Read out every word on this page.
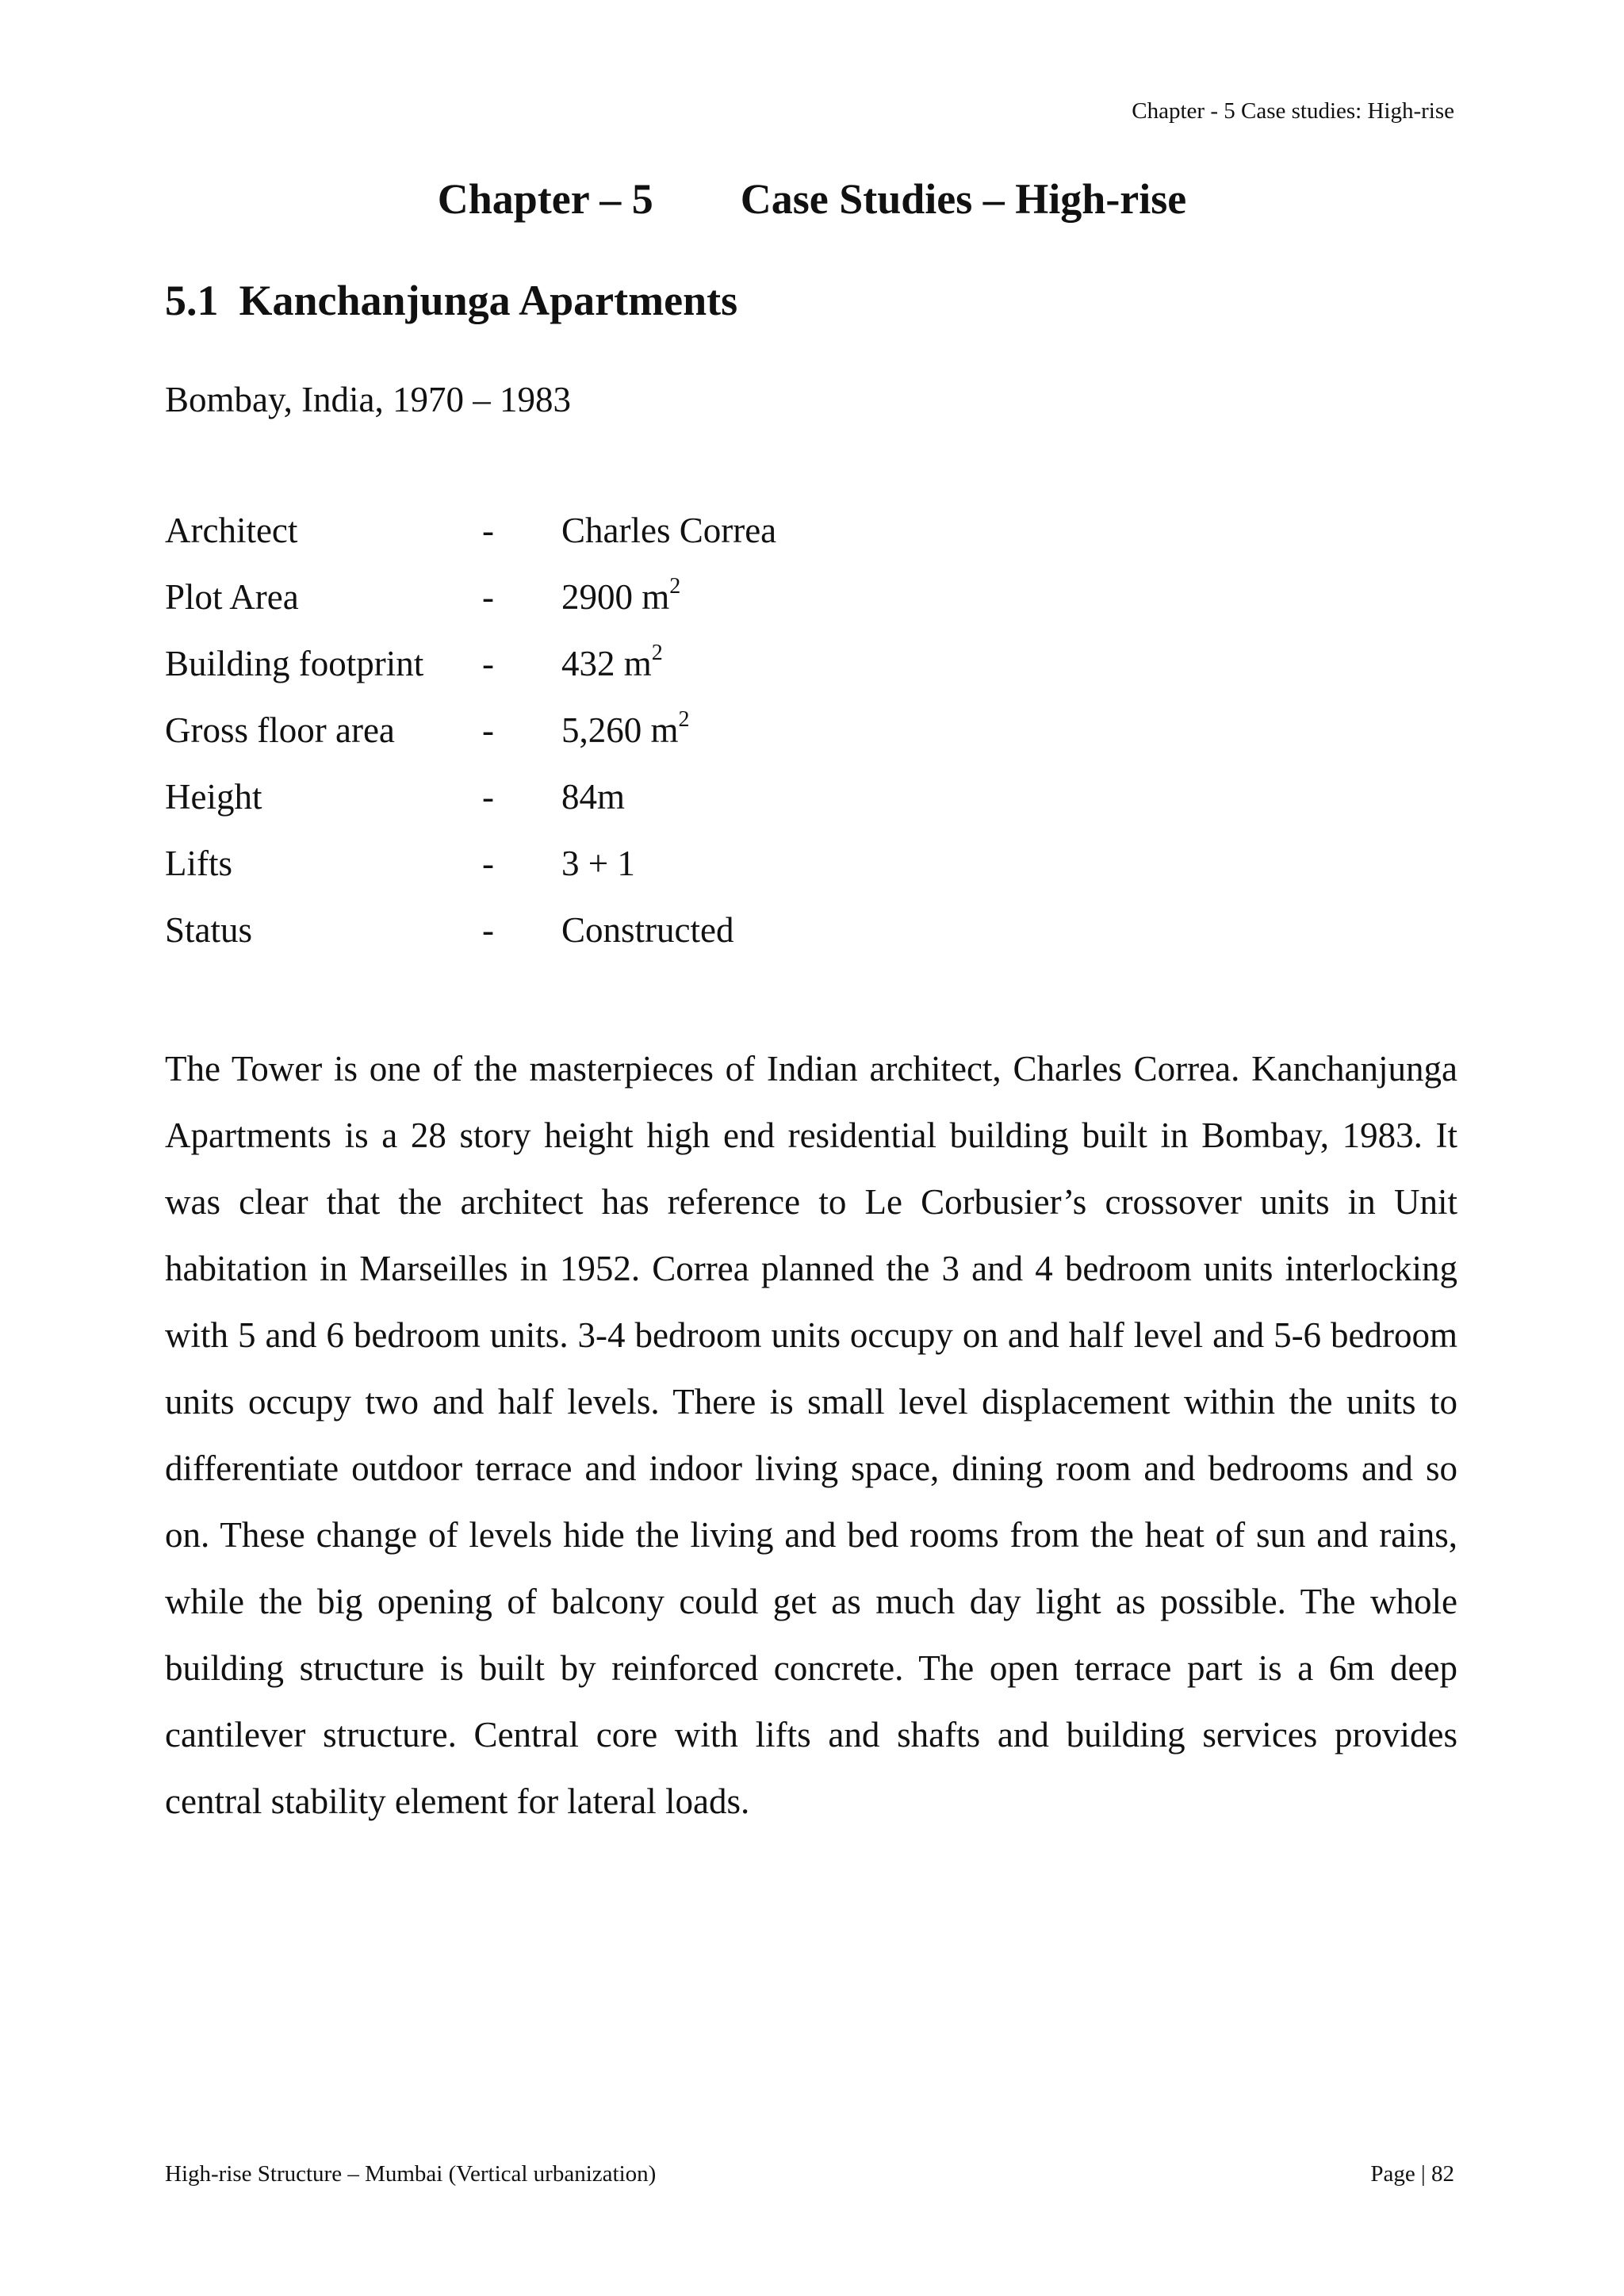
Chapter - 5 Case studies: High-rise
Chapter – 5 Case Studies – High-rise
5.1 Kanchanjunga Apartments
Bombay, India, 1970 – 1983
Architect	- Charles Correa
Plot Area	- 2900 $m^2$
Building footprint - 432 $m^2$
Gross floor area - 5,260 $m^2$
Height	- 84m
Lifts	- 3 + 1
Status	- Constructed

The Tower is one of the masterpieces of Indian architect, Charles Correa. Kanchanjunga Apartments is a 28 story height high end residential building built in Bombay, 1983. It was clear that the architect has reference to Le Corbusier’s crossover units in Unit habitation in Marseilles in 1952. Correa planned the 3 and 4 bedroom units interlocking with 5 and 6 bedroom units. 3-4 bedroom units occupy on and half level and 5-6 bedroom units occupy two and half levels. There is small level displacement within the units to differentiate outdoor terrace and indoor living space, dining room and bedrooms and so on. These change of levels hide the living and bed rooms from the heat of sun and rains, while the big opening of balcony could get as much day light as possible. The whole building structure is built by reinforced concrete. The open terrace part is a 6m deep cantilever structure. Central core with lifts and shafts and building services provides central stability element for lateral loads.

High-rise Structure – Mumbai (Vertical urbanization)	Page | 82
